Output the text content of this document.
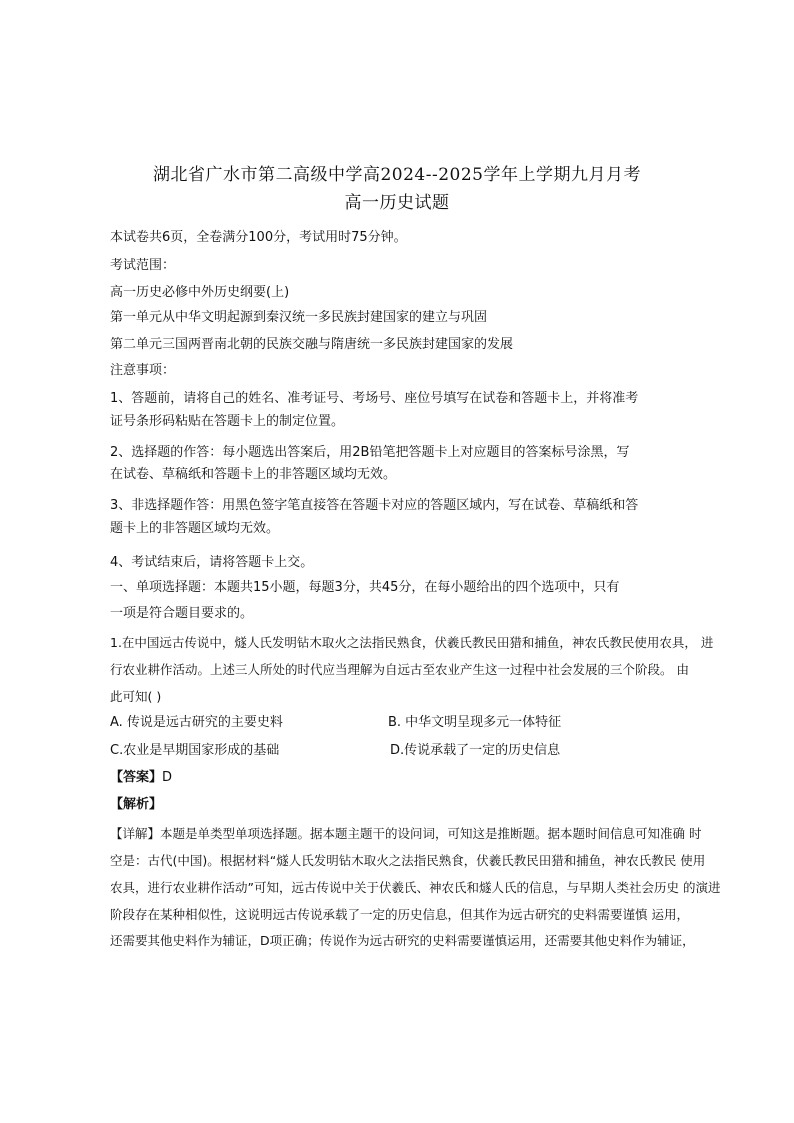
湖北省广水市第二高级中学高2024--2025学年上学期九月月考
高一历史试题
本试卷共6页，全卷满分100分，考试用时75分钟。
考试范围：
高一历史必修中外历史纲要(上)
第一单元从中华文明起源到秦汉统一多民族封建国家的建立与巩固
第二单元三国两晋南北朝的民族交融与隋唐统一多民族封建国家的发展
注意事项：
1、答题前，请将自己的姓名、准考证号、考场号、座位号填写在试卷和答题卡上，并将准考
证号条形码粘贴在答题卡上的制定位置。
2、选择题的作答：每小题选出答案后，用2B铅笔把答题卡上对应题目的答案标号涂黑，写
在试卷、草稿纸和答题卡上的非答题区域均无效。
3、非选择题作答：用黑色签字笔直接答在答题卡对应的答题区域内，写在试卷、草稿纸和答
题卡上的非答题区域均无效。
4、考试结束后，请将答题卡上交。
一、单项选择题：本题共15小题，每题3分，共45分，在每小题给出的四个选项中，只有
一项是符合题目要求的。
1.在中国远古传说中，燧人氏发明钻木取火之法指民熟食，伏羲氏教民田猎和捕鱼，神农氏教民使用农具， 进
行农业耕作活动。上述三人所处的时代应当理解为自远古至农业产生这一过程中社会发展的三个阶段。 由
此可知( )
A. 传说是远古研究的主要史料	B. 中华文明呈现多元一体特征
C.农业是早期国家形成的基础	D.传说承载了一定的历史信息
【答案】D
【解析】
【详解】本题是单类型单项选择题。据本题主题干的设问词，可知这是推断题。据本题时间信息可知准确 时
空是：古代(中国)。根据材料“燧人氏发明钻木取火之法指民熟食，伏羲氏教民田猎和捕鱼，神农氏教民 使用
农具，进行农业耕作活动”可知，远古传说中关于伏羲氏、神农氏和燧人氏的信息，与早期人类社会历史 的演进
阶段存在某种相似性，这说明远古传说承载了一定的历史信息，但其作为远古研究的史料需要谨慎 运用，
还需要其他史料作为辅证，D项正确；传说作为远古研究的史料需要谨慎运用，还需要其他史料作为辅证，
